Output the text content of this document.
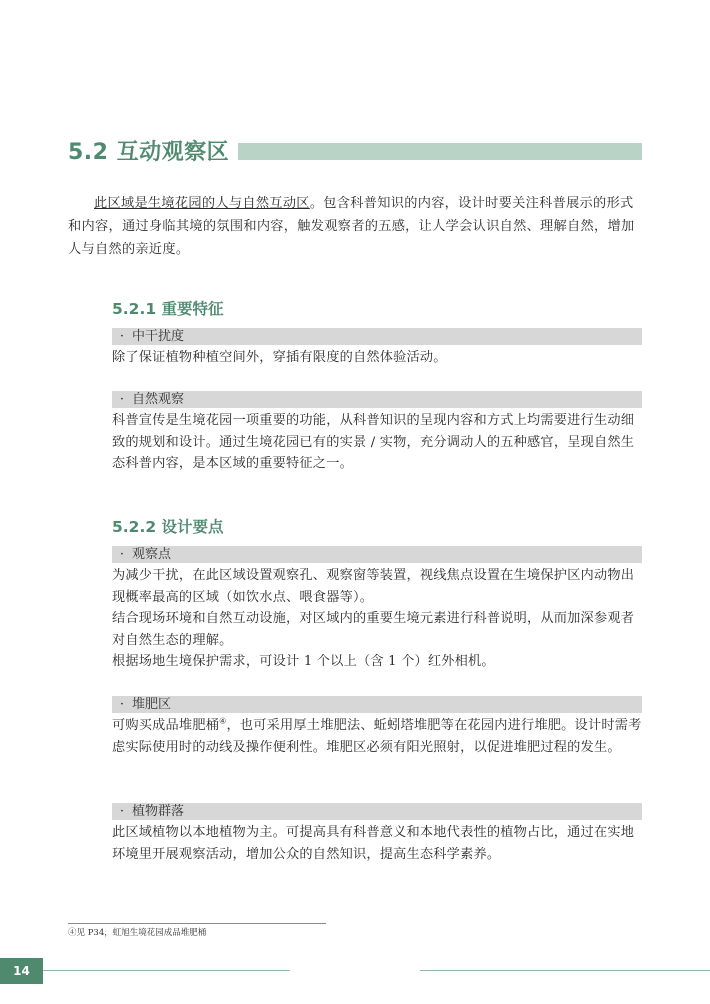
5.2 互动观察区
此区域是生境花园的人与自然互动区。包含科普知识的内容，设计时要关注科普展示的形式和内容，通过身临其境的氛围和内容，触发观察者的五感，让人学会认识自然、理解自然，增加人与自然的亲近度。
5.2.1 重要特征
· 中干扰度
除了保证植物种植空间外，穿插有限度的自然体验活动。
· 自然观察
科普宣传是生境花园一项重要的功能，从科普知识的呈现内容和方式上均需要进行生动细致的规划和设计。通过生境花园已有的实景 / 实物，充分调动人的五种感官，呈现自然生态科普内容，是本区域的重要特征之一。
5.2.2 设计要点
· 观察点
为减少干扰，在此区域设置观察孔、观察窗等装置，视线焦点设置在生境保护区内动物出现概率最高的区域（如饮水点、喂食器等）。
结合现场环境和自然互动设施，对区域内的重要生境元素进行科普说明，从而加深参观者对自然生态的理解。
根据场地生境保护需求，可设计 1 个以上（含 1 个）红外相机。
· 堆肥区
可购买成品堆肥桶④，也可采用厚土堆肥法、蚯蚓塔堆肥等在花园内进行堆肥。设计时需考虑实际使用时的动线及操作便利性。堆肥区必须有阳光照射，以促进堆肥过程的发生。
· 植物群落
此区域植物以本地植物为主。可提高具有科普意义和本地代表性的植物占比，通过在实地环境里开展观察活动，增加公众的自然知识，提高生态科学素养。
④见 P34，虹旭生境花园成品堆肥桶
14
